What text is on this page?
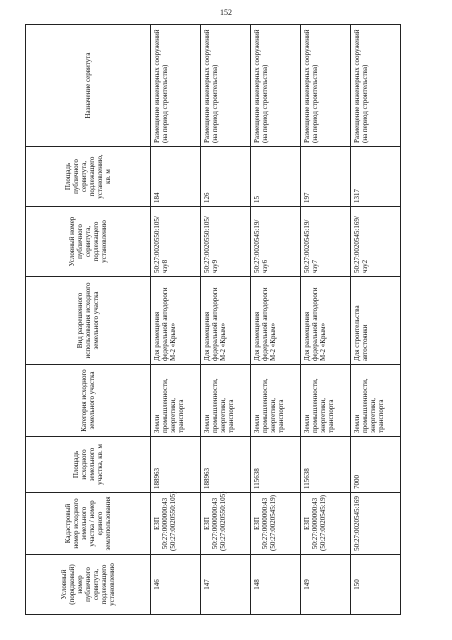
152
Условный (порядковый) номер публичного сервитута, подлежащего установлению	Кадастровый номер исходного земельного участка / номер единого землепользования	Площадь исходного земельного участка, кв. м	Категория исходного земельного участка	Вид разрешенного использования исходного земельного участка	Условный номер публичного сервитута, подлежащего установлению	Площадь публичного сервитута, подлежащего установлению, кв. м	Назначение сервитута
146	ЕЗП 50:27:0000000:43 (50:27:0020550:105)	188963	Земли промышленности, энергетики, транспорта	Для размещения федеральной автодороги М-2 «Крым»	50:27:0020550:105/чзу8	184	Размещение инженерных сооружений (на период строительства)
147	ЕЗП 50:27:0000000:43 (50:27:0020550:105)	188963	Земли промышленности, энергетики, транспорта	Для размещения федеральной автодороги М-2 «Крым»	50:27:0020550:105/чзу9	126	Размещение инженерных сооружений (на период строительства)
148	ЕЗП 50:27:0000000:43 (50:27:0020545:19)	115638	Земли промышленности, энергетики, транспорта	Для размещения федеральной автодороги М-2 «Крым»	50:27:0020545:19/чзу6	15	Размещение инженерных сооружений (на период строительства)
149	ЕЗП 50:27:0000000:43 (50:27:0020545:19)	115638	Земли промышленности, энергетики, транспорта	Для размещения федеральной автодороги М-2 «Крым»	50:27:0020545:19/чзу7	197	Размещение инженерных сооружений (на период строительства)
150	50:27:0020545:169	7000	Земли промышленности, энергетики, транспорта	Для строительства автостоянки	50:27:0020545:169/чзу2	1317	Размещение инженерных сооружений (на период строительства)
